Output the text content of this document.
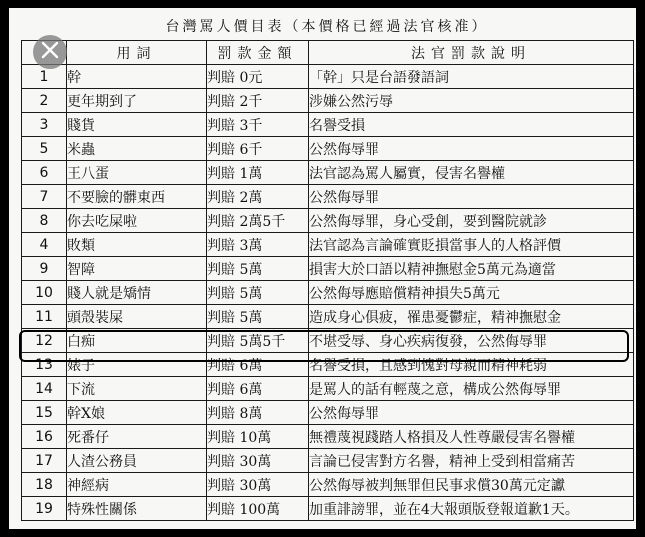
台灣罵人價目表（本價格已經過法官核准）
	用詞	罰款金額	法官罰款說明
1	幹	判賠 0元	「幹」只是台語發語詞
2	更年期到了	判賠 2千	涉嫌公然污辱
3	賤貨	判賠 3千	名譽受損
5	米蟲	判賠 6千	公然侮辱罪
6	王八蛋	判賠 1萬	法官認為罵人屬實，侵害名譽權
7	不要臉的髒東西	判賠 2萬	公然侮辱罪
8	你去吃屎啦	判賠 2萬5千	公然侮辱罪，身心受創，要到醫院就診
4	敗類	判賠 3萬	法官認為言論確實貶損當事人的人格評價
9	智障	判賠 5萬	損害大於口語以精神撫慰金5萬元為適當
10	賤人就是矯情	判賠 5萬	公然侮辱應賠償精神損失5萬元
11	頭殼裝屎	判賠 5萬	造成身心俱疲，罹患憂鬱症，精神撫慰金
12	白痴	判賠 5萬5千	不堪受辱、身心疾病復發，公然侮辱罪
13	婊子	判賠 6萬	名譽受損，且感到愧對母親而精神耗弱
14	下流	判賠 6萬	是罵人的話有輕蔑之意，構成公然侮辱罪
15	幹X娘	判賠 8萬	公然侮辱罪
16	死番仔	判賠 10萬	無禮蔑視踐踏人格損及人性尊嚴侵害名譽權
17	人渣公務員	判賠 30萬	言論已侵害對方名譽，精神上受到相當痛苦
18	神經病	判賠 30萬	公然侮辱被判無罪但民事求償30萬元定讞
19	特殊性關係	判賠 100萬	加重誹謗罪，並在4大報頭版登報道歉1天。
